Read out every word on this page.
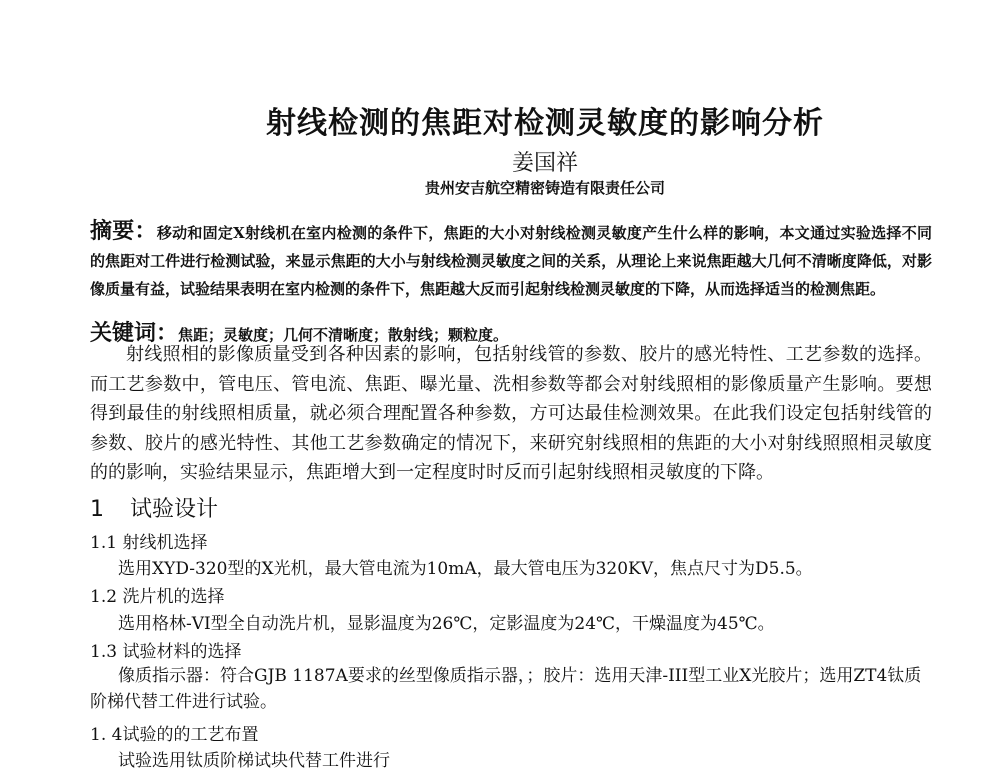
射线检测的焦距对检测灵敏度的影响分析
姜国祥
贵州安吉航空精密铸造有限责任公司
摘要：移动和固定X射线机在室内检测的条件下，焦距的大小对射线检测灵敏度产生什么样的影响，本文通过实验选择不同的焦距对工件进行检测试验，来显示焦距的大小与射线检测灵敏度之间的关系，从理论上来说焦距越大几何不清晰度降低，对影像质量有益，试验结果表明在室内检测的条件下，焦距越大反而引起射线检测灵敏度的下降，从而选择适当的检测焦距。
关键词：焦距；灵敏度；几何不清晰度；散射线；颗粒度。
射线照相的影像质量受到各种因素的影响，包括射线管的参数、胶片的感光特性、工艺参数的选择。而工艺参数中，管电压、管电流、焦距、曝光量、洗相参数等都会对射线照相的影像质量产生影响。要想得到最佳的射线照相质量，就必须合理配置各种参数，方可达最佳检测效果。在此我们设定包括射线管的参数、胶片的感光特性、其他工艺参数确定的情况下，来研究射线照相的焦距的大小对射线照照相灵敏度的的影响，实验结果显示，焦距增大到一定程度时时反而引起射线照相灵敏度的下降。
1 试验设计
1.1 射线机选择
选用XYD-320型的X光机，最大管电流为10mA，最大管电压为320KV，焦点尺寸为D5.5。
1.2 洗片机的选择
选用格林-VI型全自动洗片机，显影温度为26℃，定影温度为24℃，干燥温度为45℃。
1.3 试验材料的选择
像质指示器：符合GJB 1187A要求的丝型像质指示器，；胶片：选用天津-III型工业X光胶片；选用ZT4钛质阶梯代替工件进行试验。
1. 4试验的的工艺布置
试验选用钛质阶梯试块代替工件进行
